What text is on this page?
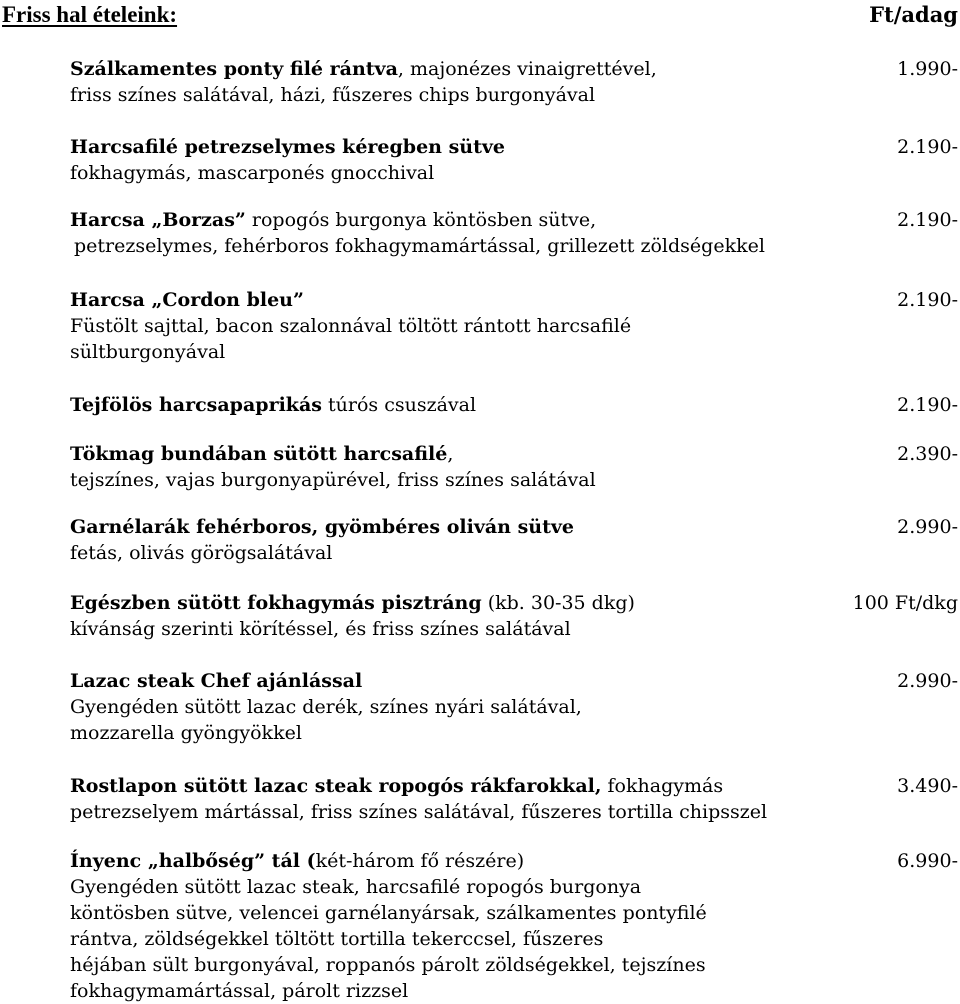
Friss hal ételeink:	Ft/adag
Szálkamentes ponty filé rántva, majonézes vinaigrettével,	1.990-
friss színes salátával, házi, fűszeres chips burgonyával
Harcsafilé petrezselymes kéregben sütve	2.190-
fokhagymás, mascarponés gnocchival
Harcsa „Borzas” ropogós burgonya köntösben sütve,	2.190-
petrezselymes, fehérboros fokhagymamártással, grillezett zöldségekkel
Harcsa „Cordon bleu”	2.190-
Füstölt sajttal, bacon szalonnával töltött rántott harcsafilé
sültburgonyával
Tejfölös harcsapaprikás túrós csuszával	2.190-
Tökmag bundában sütött harcsafilé,	2.390-
tejszínes, vajas burgonyapürével, friss színes salátával
Garnélarák fehérboros, gyömbéres oliván sütve	2.990-
fetás, olivás görögsalátával
Egészben sütött fokhagymás pisztráng (kb. 30-35 dkg)	100 Ft/dkg
kívánság szerinti körítéssel, és friss színes salátával
Lazac steak Chef ajánlással	2.990-
Gyengéden sütött lazac derék, színes nyári salátával,
mozzarella gyöngyökkel
Rostlapon sütött lazac steak ropogós rákfarokkal, fokhagymás	3.490-
petrezselyem mártással, friss színes salátával, fűszeres tortilla chipsszel
Ínyenc „halbőség” tál (két-három fő részére)	6.990-
Gyengéden sütött lazac steak, harcsafilé ropogós burgonya
köntösben sütve, velencei garnélanyársak, szálkamentes pontyfilé
rántva, zöldségekkel töltött tortilla tekerccsel, fűszeres
héjában sült burgonyával, roppanós párolt zöldségekkel, tejszínes
fokhagymamártással, párolt rizzsel
